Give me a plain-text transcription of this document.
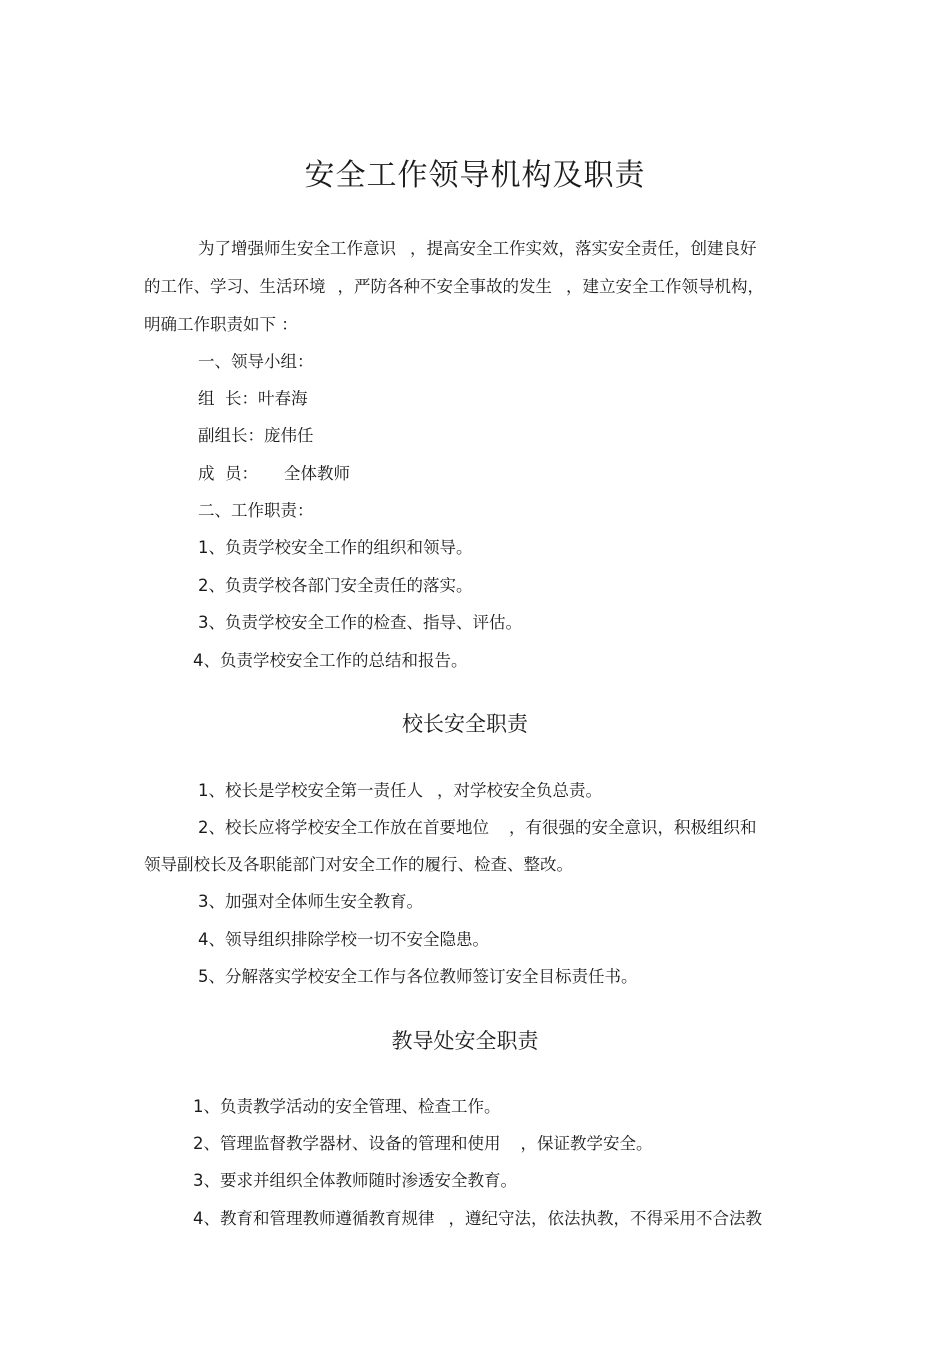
安全工作领导机构及职责

为了增强师生安全工作意识 ，提高安全工作实效，落实安全责任，创建良好

的工作、学习、生活环境 ，严防各种不安全事故的发生 ，建立安全工作领导机构，

明确工作职责如下 ：

一、领导小组：

组  长：叶春海

副组长：庞伟任

成  员： 全体教师

二、工作职责：

1、负责学校安全工作的组织和领导。

2、负责学校各部门安全责任的落实。

3、负责学校安全工作的检查、指导、评估。

4、负责学校安全工作的总结和报告。

校长安全职责

1、校长是学校安全第一责任人 ，对学校安全负总责。

2、校长应将学校安全工作放在首要地位 ，有很强的安全意识，积极组织和

领导副校长及各职能部门对安全工作的履行、检查、整改。

3、加强对全体师生安全教育。

4、领导组织排除学校一切不安全隐患。

5、分解落实学校安全工作与各位教师签订安全目标责任书。

教导处安全职责

1、负责教学活动的安全管理、检查工作。

2、管理监督教学器材、设备的管理和使用 ，保证教学安全。

3、要求并组织全体教师随时渗透安全教育。

4、教育和管理教师遵循教育规律 ，遵纪守法，依法执教，不得采用不合法教
